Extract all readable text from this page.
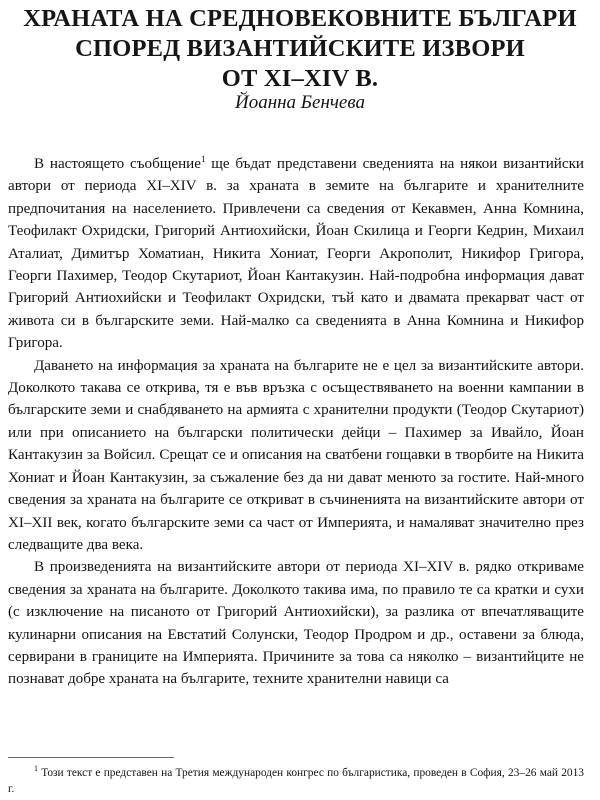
ХРАНАТА НА СРЕДНОВЕКОВНИТЕ БЪЛГАРИ
СПОРЕД ВИЗАНТИЙСКИТЕ ИЗВОРИ
ОТ XI–XIV В.

Йоанна Бенчева

В настоящето съобщение$^1$ ще бъдат представени сведенията на някои византийски автори от периода XI–XIV в. за храната в земите на българите и хранителните предпочитания на населението. Привлечени са сведения от Кекавмен, Анна Комнина, Теофилакт Охридски, Григорий Антиохийски, Йоан Скилица и Георги Кедрин, Михаил Аталиат, Димитър Хоматиан, Никита Хониат, Георги Акрополит, Никифор Григора, Георги Пахимер, Теодор Скутариот, Йоан Кантакузин. Най-подробна информация дават Григорий Антиохийски и Теофилакт Охридски, тъй като и двамата прекарват част от живота си в българските земи. Най-малко са сведенията в Анна Комнина и Никифор Григора.

Даването на информация за храната на българите не е цел за византийските автори. Доколкото такава се открива, тя е във връзка с осъществяването на военни кампании в българските земи и снабдяването на армията с хранителни продукти (Теодор Скутариот) или при описанието на български политически дейци – Пахимер за Ивайло, Йоан Кантакузин за Войсил. Срещат се и описания на сватбени гощавки в творбите на Никита Хониат и Йоан Кантакузин, за съжаление без да ни дават менюто за гостите. Най-много сведения за храната на българите се откриват в съчиненията на византийските автори от XI–XII век, когато българските земи са част от Империята, и намаляват значително през следващите два века.

В произведенията на византийските автори от периода XI–XIV в. рядко откриваме сведения за храната на българите. Доколкото такива има, по правило те са кратки и сухи (с изключение на писаното от Григорий Антиохийски), за разлика от впечатляващите кулинарни описания на Евстатий Солунски, Теодор Продром и др., оставени за блюда, сервирани в границите на Империята. Причините за това са няколко – византийците не познават добре храната на българите, техните хранителни навици са

$^1$ Този текст е представен на Третия международен конгрес по българистика, проведен в София, 23–26 май 2013 г.
